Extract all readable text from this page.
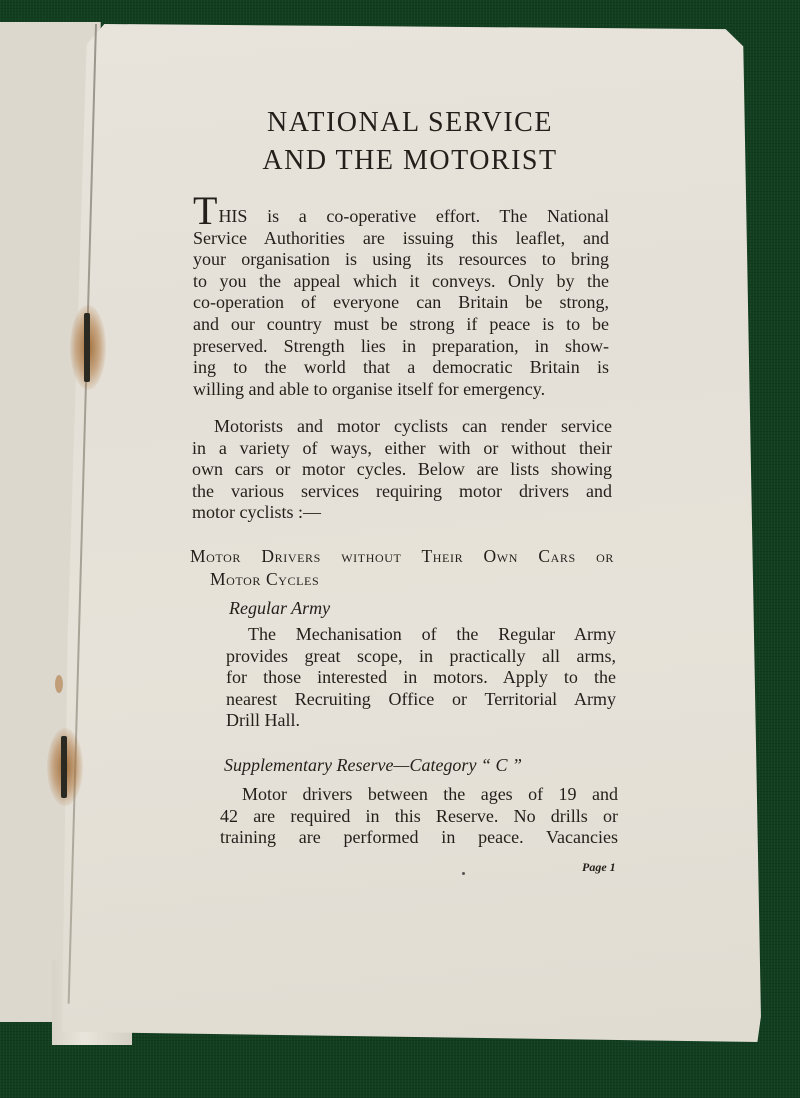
NATIONAL SERVICE
AND THE MOTORIST
THIS is a co-operative effort. The National
Service Authorities are issuing this leaflet, and
your organisation is using its resources to bring
to you the appeal which it conveys. Only by the
co-operation of everyone can Britain be strong,
and our country must be strong if peace is to be
preserved. Strength lies in preparation, in show-
ing to the world that a democratic Britain is
willing and able to organise itself for emergency.
Motorists and motor cyclists can render service
in a variety of ways, either with or without their
own cars or motor cycles. Below are lists showing
the various services requiring motor drivers and
motor cyclists :—
Motor Drivers without Their Own Cars or
Motor Cycles
Regular Army
The Mechanisation of the Regular Army
provides great scope, in practically all arms,
for those interested in motors. Apply to the
nearest Recruiting Office or Territorial Army
Drill Hall.
Supplementary Reserve—Category “ C ”
Motor drivers between the ages of 19 and
42 are required in this Reserve. No drills or
training are performed in peace. Vacancies
Page 1
